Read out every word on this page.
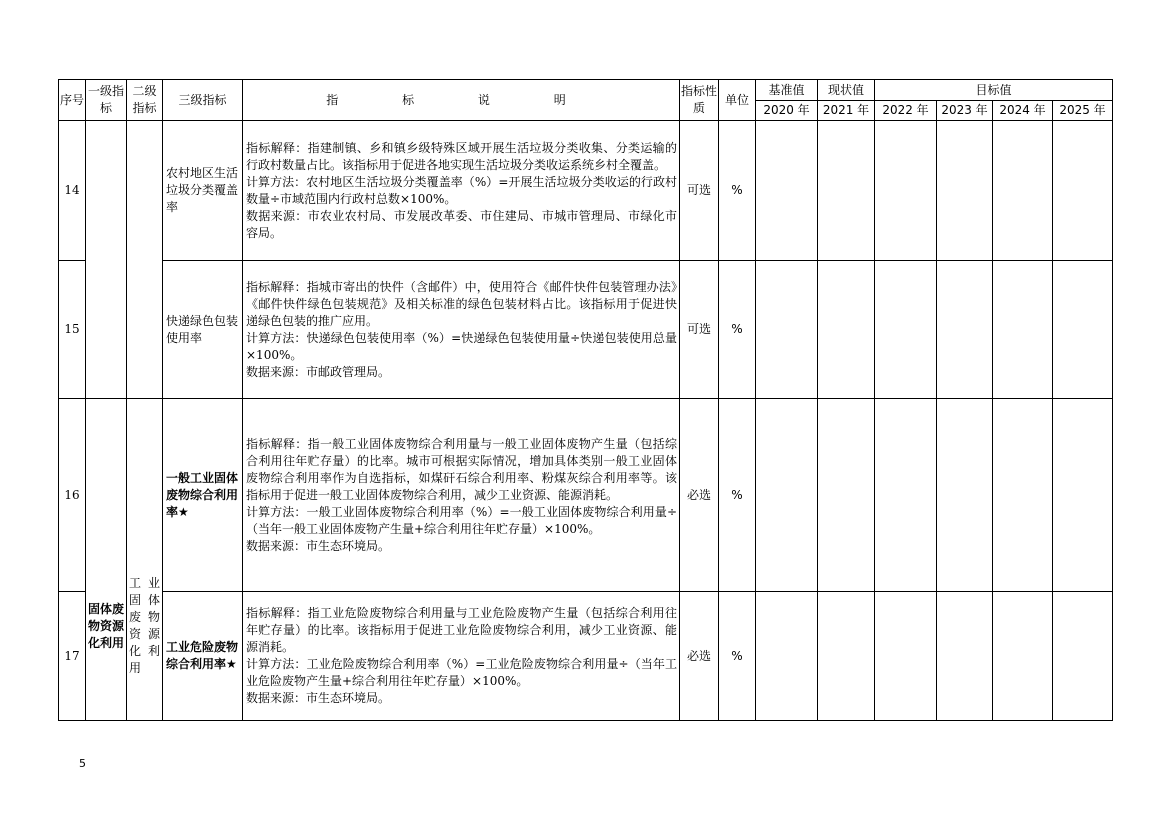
序号	一级指标	二级指标	三级指标	指 标 说 明	指标性质	单位	基准值	现状值	目标值			
							2020 年	2021 年	2022 年	2023 年	2024 年	2025 年
14			农村地区生活垃圾分类覆盖率	指标解释：指建制镇、乡和镇乡级特殊区域开展生活垃圾分类收集、分类运输的行政村数量占比。该指标用于促进各地实现生活垃圾分类收运系统乡村全覆盖。
计算方法：农村地区生活垃圾分类覆盖率（%）=开展生活垃圾分类收运的行政村数量÷市域范围内行政村总数×100%。
数据来源：市农业农村局、市发展改革委、市住建局、市城市管理局、市绿化市容局。	可选	%						
15			快递绿色包装使用率	指标解释：指城市寄出的快件（含邮件）中，使用符合《邮件快件包装管理办法》《邮件快件绿色包装规范》及相关标准的绿色包装材料占比。该指标用于促进快递绿色包装的推广应用。
计算方法：快递绿色包装使用率（%）=快递绿色包装使用量÷快递包装使用总量×100%。
数据来源：市邮政管理局。	可选	%						
16	固体废物资源化利用	工业固体废物资源化利用	一般工业固体废物综合利用率★	指标解释：指一般工业固体废物综合利用量与一般工业固体废物产生量（包括综合利用往年贮存量）的比率。城市可根据实际情况，增加具体类别一般工业固体废物综合利用率作为自选指标，如煤矸石综合利用率、粉煤灰综合利用率等。该指标用于促进一般工业固体废物综合利用，减少工业资源、能源消耗。
计算方法：一般工业固体废物综合利用率（%）=一般工业固体废物综合利用量÷（当年一般工业固体废物产生量+综合利用往年贮存量）×100%。
数据来源：市生态环境局。	必选	%						
17			工业危险废物综合利用率★	指标解释：指工业危险废物综合利用量与工业危险废物产生量（包括综合利用往年贮存量）的比率。该指标用于促进工业危险废物综合利用，减少工业资源、能源消耗。
计算方法：工业危险废物综合利用率（%）=工业危险废物综合利用量÷（当年工业危险废物产生量+综合利用往年贮存量）×100%。
数据来源：市生态环境局。	必选	%						
5
